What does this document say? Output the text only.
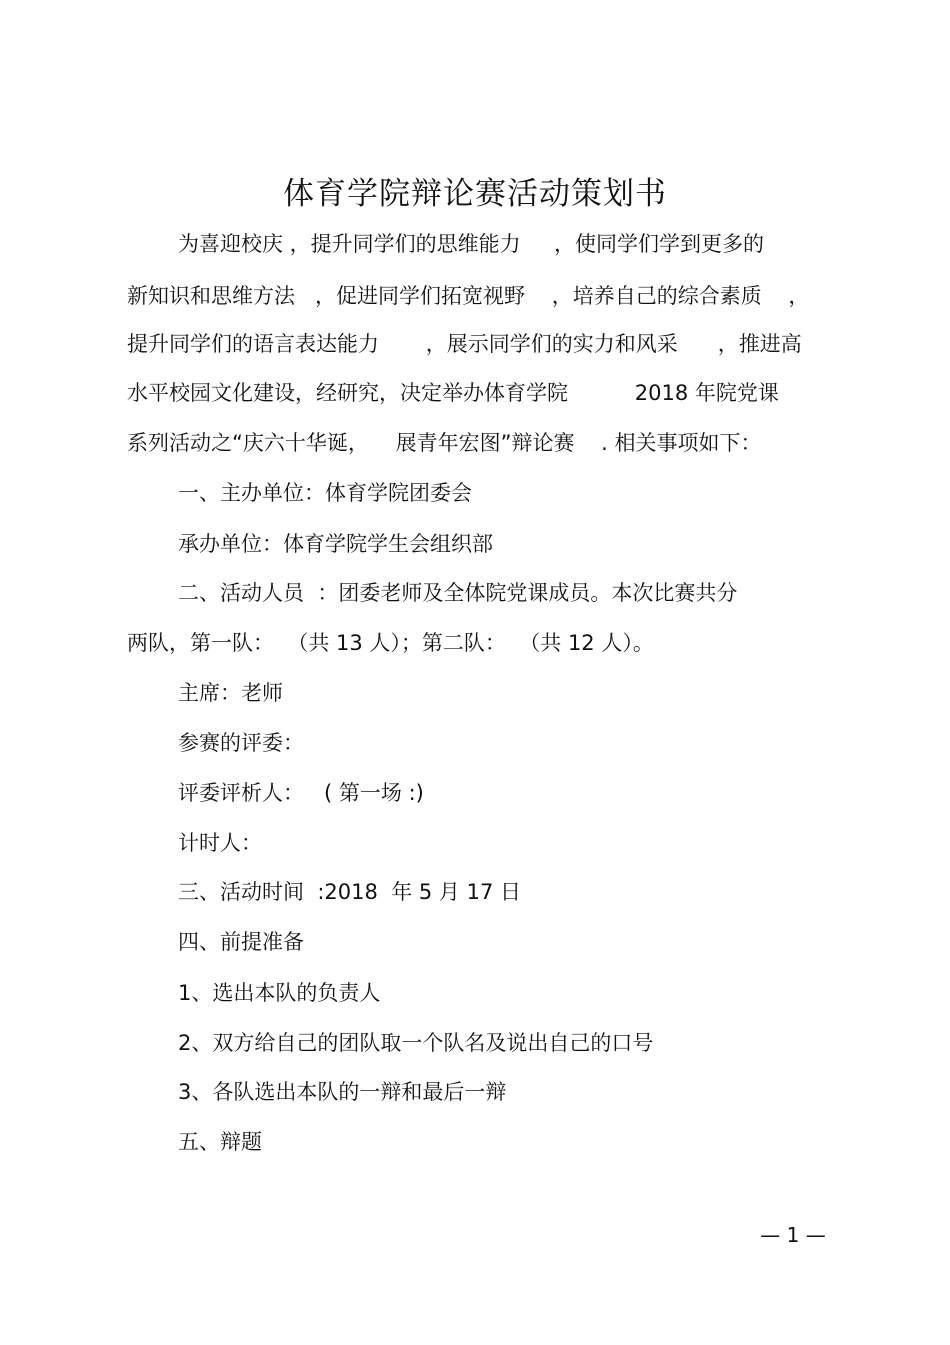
体育学院辩论赛活动策划书
为喜迎校庆 ，提升同学们的思维能力     ，使同学们学到更多的
新知识和思维方法   ，促进同学们拓宽视野    ，培养自己的综合素质    ，
提升同学们的语言表达能力       ，展示同学们的实力和风采      ，推进高
水平校园文化建设，经研究，决定举办体育学院          2018 年院党课
系列活动之“庆六十华诞，    展青年宏图”辩论赛    . 相关事项如下：
一、主办单位：体育学院团委会
承办单位：体育学院学生会组织部
二、活动人员  ：团委老师及全体院党课成员。本次比赛共分
两队，第一队：  （共 13 人）；第二队：  （共 12 人）。
主席：老师
参赛的评委：
评委评析人：   ( 第一场 :)
计时人：
三、活动时间  :2018  年 5 月 17 日
四、前提准备
1、选出本队的负责人
2、双方给自己的团队取一个队名及说出自己的口号
3、各队选出本队的一辩和最后一辩
五、辩题
— 1 —
